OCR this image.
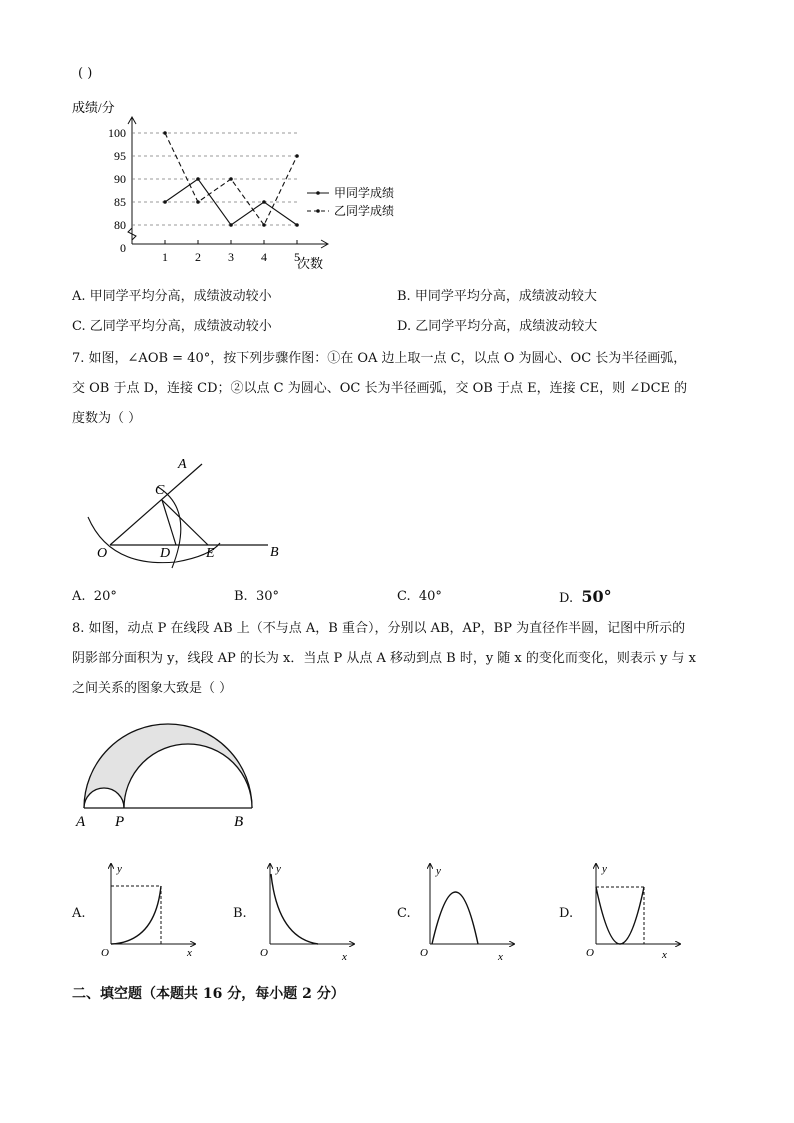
( )
成绩/分
100
95
90
85
80
0
1 2 3 4 5
次数
甲同学成绩
乙同学成绩
A. 甲同学平均分高，成绩波动较小	B. 甲同学平均分高，成绩波动较大
C. 乙同学平均分高，成绩波动较小	D. 乙同学平均分高，成绩波动较大
7. 如图，∠AOB = 40°，按下列步骤作图：①在 OA 边上取一点 C，以点 O 为圆心、OC 长为半径画弧，
交 OB 于点 D，连接 CD；②以点 C 为圆心、OC 长为半径画弧，交 OB 于点 E，连接 CE，则 ∠DCE 的
度数为（ ）
A
B
C
D	E
O
A. 20°	B. 30°	C. 40°	D. 50°
8. 如图，动点 P 在线段 AB 上（不与点 A，B 重合），分别以 AB，AP，BP 为直径作半圆，记图中所示的
阴影部分面积为 y，线段 AP 的长为 x．当点 P 从点 A 移动到点 B 时，y 随 x 的变化而变化，则表示 y 与 x
之间关系的图象大致是（ ）
A P	B
A.	B.	C.	D.
y
x
O
y
x
O
y
x
O
y
x
O
二、填空题（本题共 16 分，每小题 2 分）
